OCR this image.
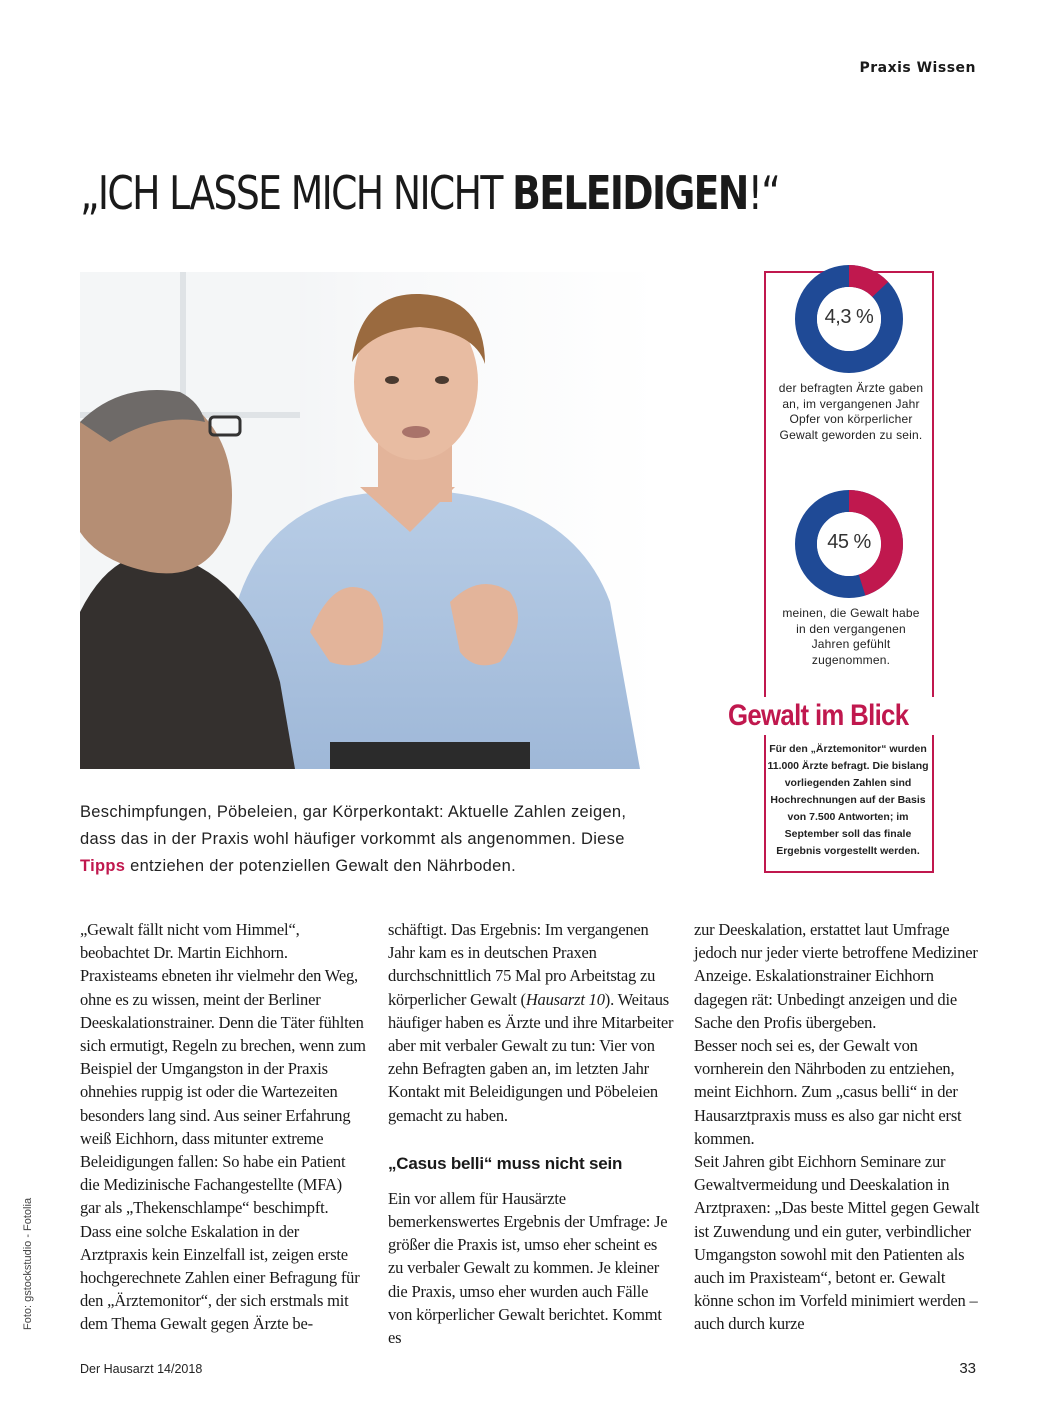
Praxis Wissen
„ICH LASSE MICH NICHT BELEIDIGEN!“
Beschimpfungen, Pöbeleien, gar Körperkontakt: Aktuelle Zahlen zeigen, dass das in der Praxis wohl häufiger vorkommt als angenommen. Diese Tipps entziehen der potenziellen Gewalt den Nährboden.
4,3 %
der befragten Ärzte gaben an, im vergangenen Jahr Opfer von körperlicher Gewalt geworden zu sein.
45 %
meinen, die Gewalt habe in den vergangenen Jahren gefühlt zugenommen.
Gewalt im Blick
Für den „Ärztemonitor“ wurden 11.000 Ärzte befragt. Die bislang vorliegenden Zahlen sind Hochrechnungen auf der Basis von 7.500 Antworten; im September soll das finale Ergebnis vorgestellt werden.

„Gewalt fällt nicht vom Himmel“, beobachtet Dr. Martin Eichhorn. Praxisteams ebneten ihr vielmehr den Weg, ohne es zu wissen, meint der Berliner Deeskalationstrainer. Denn die Täter fühlten sich ermutigt, Regeln zu brechen, wenn zum Beispiel der Umgangston in der Praxis ohnehies ruppig ist oder die Wartezeiten besonders lang sind. Aus seiner Erfahrung weiß Eichhorn, dass mitunter extreme Beleidigungen fallen: So habe ein Patient die Medizinische Fachangestellte (MFA) gar als „Thekenschlampe“ beschimpft.

Dass eine solche Eskalation in der Arztpraxis kein Einzelfall ist, zeigen erste hochgerechnete Zahlen einer Befragung für den „Ärztemonitor“, der sich erstmals mit dem Thema Gewalt gegen Ärzte be-

schäftigt. Das Ergebnis: Im vergangenen Jahr kam es in deutschen Praxen durchschnittlich 75 Mal pro Arbeitstag zu körperlicher Gewalt (Hausarzt 10). Weitaus häufiger haben es Ärzte und ihre Mitarbeiter aber mit verbaler Gewalt zu tun: Vier von zehn Befragten gaben an, im letzten Jahr Kontakt mit Beleidigungen und Pöbeleien gemacht zu haben.

„Casus belli“ muss nicht sein

Ein vor allem für Hausärzte bemerkenswertes Ergebnis der Umfrage: Je größer die Praxis ist, umso eher scheint es zu verbaler Gewalt zu kommen. Je kleiner die Praxis, umso eher wurden auch Fälle von körperlicher Gewalt berichtet. Kommt es

zur Deeskalation, erstattet laut Umfrage jedoch nur jeder vierte betroffene Mediziner Anzeige. Eskalationstrainer Eichhorn dagegen rät: Unbedingt anzeigen und die Sache den Profis übergeben.

Besser noch sei es, der Gewalt von vornherein den Nährboden zu entziehen, meint Eichhorn. Zum „casus belli“ in der Hausarztpraxis muss es also gar nicht erst kommen.

Seit Jahren gibt Eichhorn Seminare zur Gewaltvermeidung und Deeskalation in Arztpraxen: „Das beste Mittel gegen Gewalt ist Zuwendung und ein guter, verbindlicher Umgangston sowohl mit den Patienten als auch im Praxisteam“, betont er. Gewalt könne schon im Vorfeld minimiert werden – auch durch kurze

Foto: gstockstudio - Fotolia
Der Hausarzt 14/2018	33
